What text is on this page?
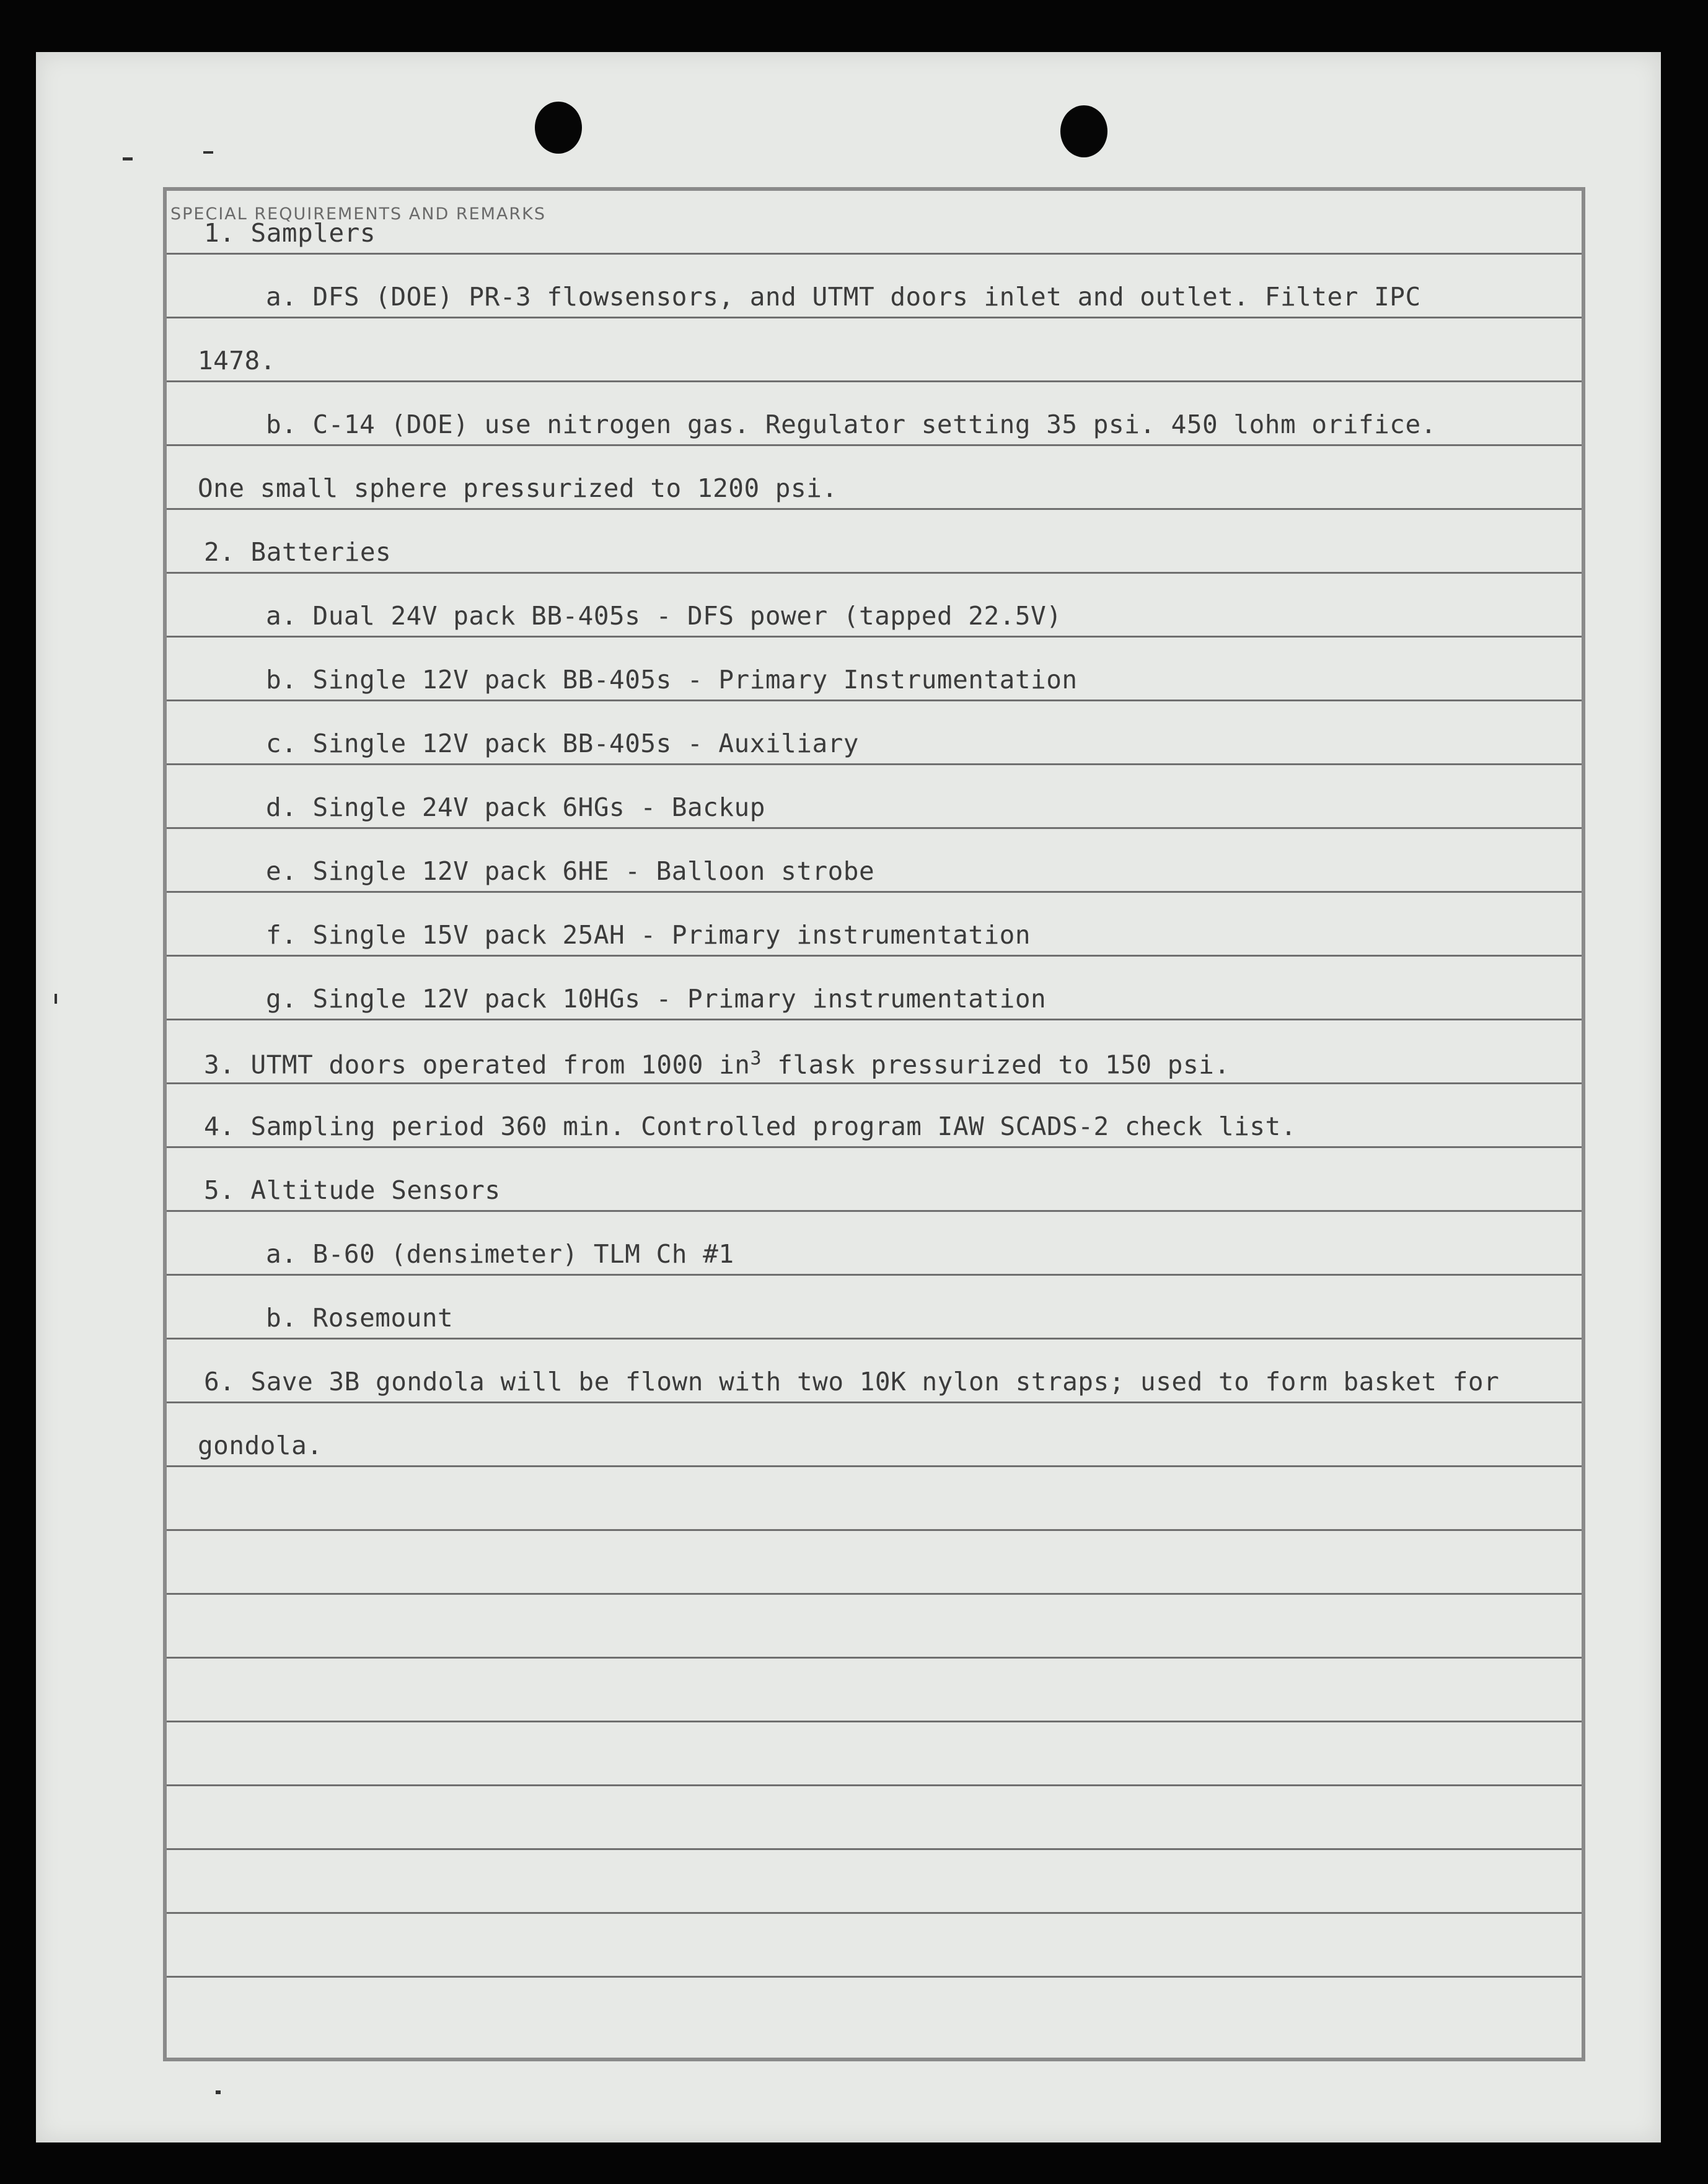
SPECIAL REQUIREMENTS AND REMARKS
1. Samplers
a. DFS (DOE) PR-3 flowsensors, and UTMT doors inlet and outlet. Filter IPC
1478.
b. C-14 (DOE) use nitrogen gas. Regulator setting 35 psi. 450 lohm orifice.
One small sphere pressurized to 1200 psi.
2. Batteries
a. Dual 24V pack BB-405s - DFS power (tapped 22.5V)
b. Single 12V pack BB-405s - Primary Instrumentation
c. Single 12V pack BB-405s - Auxiliary
d. Single 24V pack 6HGs - Backup
e. Single 12V pack 6HE - Balloon strobe
f. Single 15V pack 25AH - Primary instrumentation
g. Single 12V pack 10HGs - Primary instrumentation
3. UTMT doors operated from 1000 $in^3$ flask pressurized to 150 psi.
4. Sampling period 360 min. Controlled program IAW SCADS-2 check list.
5. Altitude Sensors
a. B-60 (densimeter) TLM Ch #1
b. Rosemount
6. Save 3B gondola will be flown with two 10K nylon straps; used to form basket for
gondola.
